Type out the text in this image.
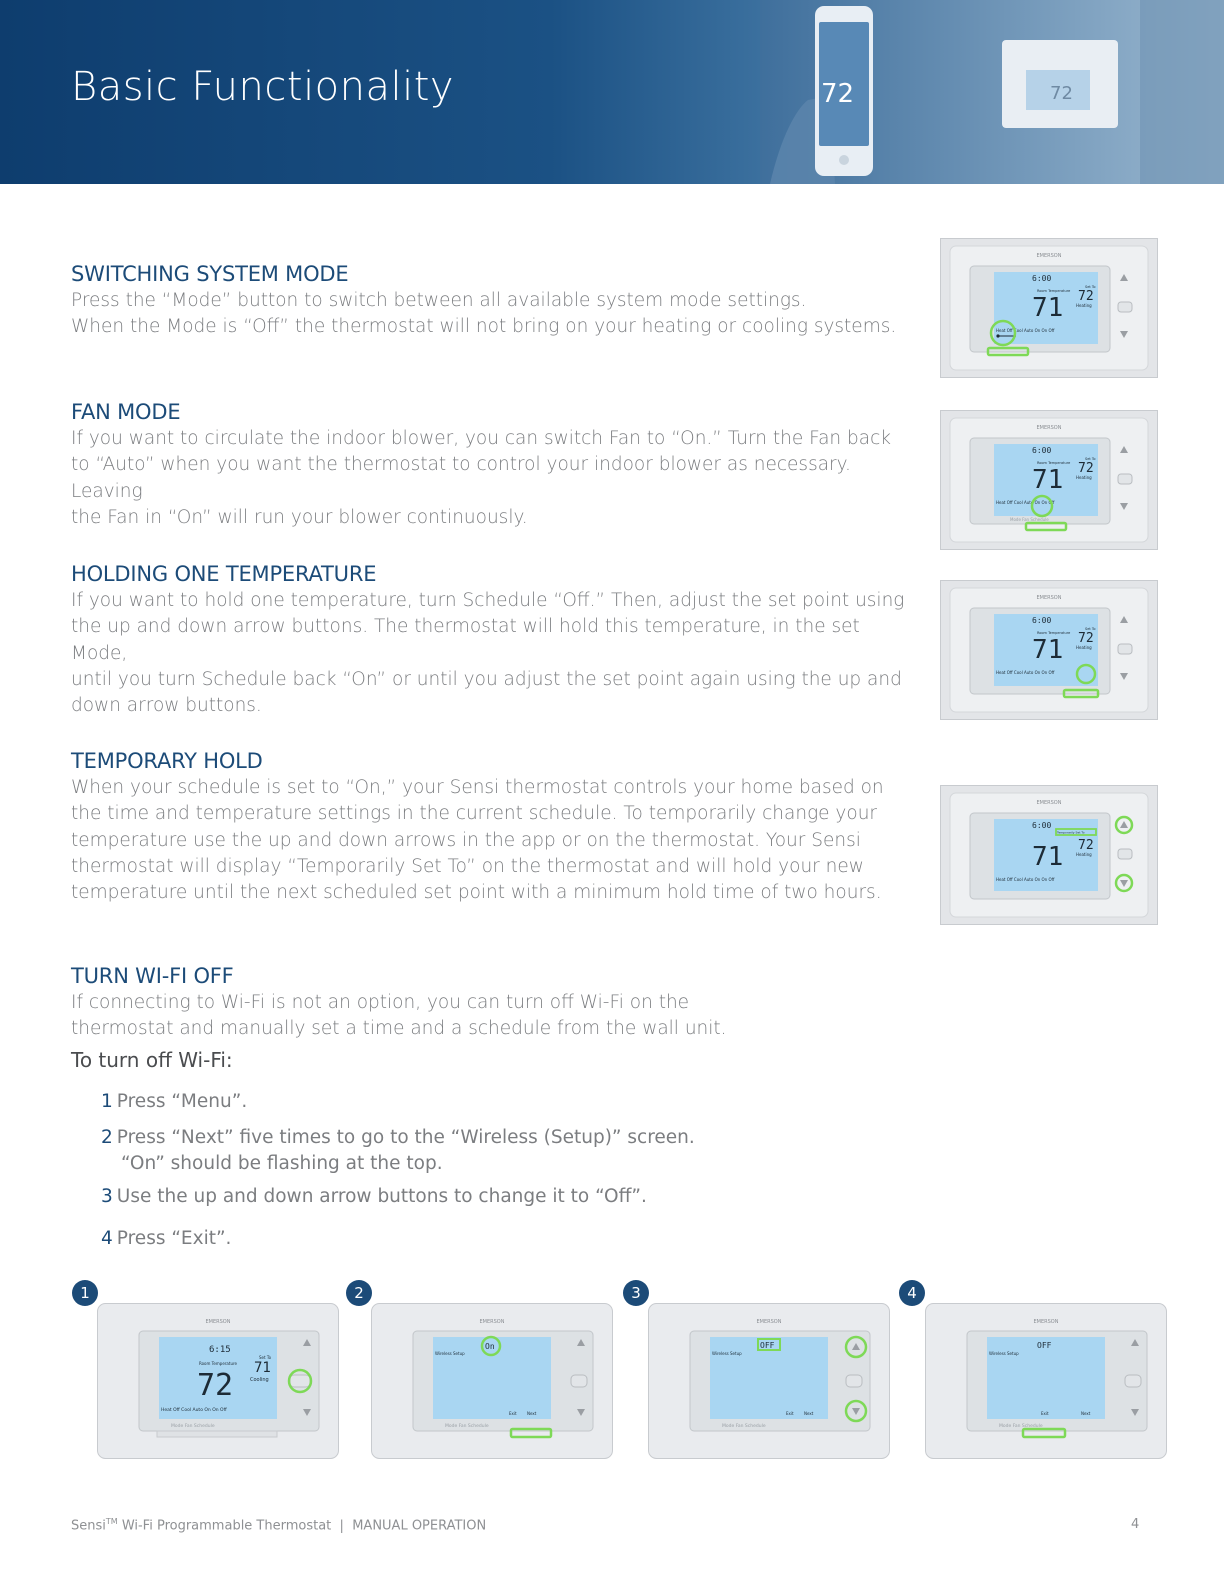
Basic Functionality	72	72
SWITCHING SYSTEM MODE

Press the “Mode” button to switch between all available system mode settings.

When the Mode is “Off” the thermostat will not bring on your heating or cooling systems.

FAN MODE

If you want to circulate the indoor blower, you can switch Fan to “On.” Turn the Fan back

to “Auto” when you want the thermostat to control your indoor blower as necessary. Leaving

the Fan in “On” will run your blower continuously.

HOLDING ONE TEMPERATURE

If you want to hold one temperature, turn Schedule “Off.” Then, adjust the set point using

the up and down arrow buttons. The thermostat will hold this temperature, in the set Mode,

until you turn Schedule back “On” or until you adjust the set point again using the up and

down arrow buttons.

TEMPORARY HOLD

When your schedule is set to “On,” your Sensi thermostat controls your home based on

the time and temperature settings in the current schedule. To temporarily change your

temperature use the up and down arrows in the app or on the thermostat. Your Sensi

thermostat will display “Temporarily Set To” on the thermostat and will hold your new

temperature until the next scheduled set point with a minimum hold time of two hours.

TURN WI-FI OFF

If connecting to Wi-Fi is not an option, you can turn off Wi-Fi on the

thermostat and manually set a time and a schedule from the wall unit.

To turn off Wi-Fi:
1 Press “Menu”.
2 Press “Next” five times to go to the “Wireless (Setup)” screen.
“On” should be flashing at the top.
3 Use the up and down arrow buttons to change it to “Off”.
4 Press “Exit”.
EMERSON
6:00
Room Temperature
71
Set To
72
Heating
Heat Off Cool Auto On On Off
EMERSON
6:00
Room Temperature
71
Set To
72
Heating
Heat Off Cool Auto On On Off
Mode Fan Schedule
EMERSON
6:00
Room Temperature
71
Set To
72
Heating
Heat Off Cool Auto On On Off
EMERSON
6:00
Temporarily Set To
71 72
Heating
Heat Off Cool Auto On On Off
1	2	3	4
EMERSON
6:15
Room Temperature
72
Set To
71
Cooling
Heat Off Cool Auto On On Off
Mode Fan Schedule
EMERSON
Wireless Setup
On
Exit	Next
Mode Fan Schedule
EMERSON
Wireless Setup
OFF
Exit	Next
Mode Fan Schedule
EMERSON
Wireless Setup
OFF
Exit	Next
Mode Fan Schedule
Sensi™ Wi-Fi Programmable Thermostat | MANUAL OPERATION	4
